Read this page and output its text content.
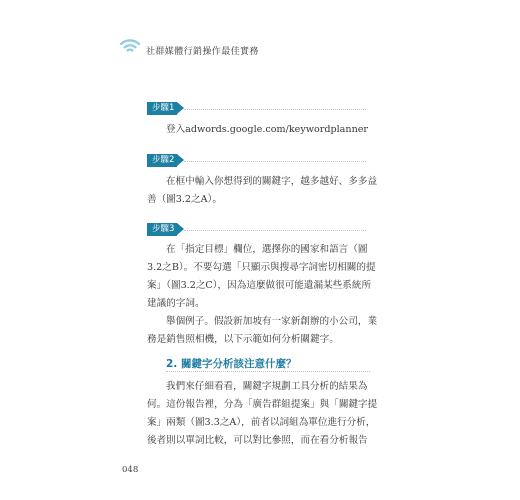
社群媒體行銷操作最佳實務
步驟1
登入adwords.google.com/keywordplanner
步驟2
在框中輸入你想得到的關鍵字，越多越好、多多益
善（圖3.2之A）。
步驟3
在「指定目標」欄位，選擇你的國家和語言（圖
3.2之B）。不要勾選「只顯示與搜尋字詞密切相關的提
案」（圖3.2之C），因為這麼做很可能遺漏某些系統所
建議的字詞。
舉個例子。假設新加坡有一家新創辦的小公司，業
務是銷售照相機，以下示範如何分析關鍵字。
2. 關鍵字分析該注意什麼？
我們來仔細看看，關鍵字規劃工具分析的結果為
何。這份報告裡，分為「廣告群組提案」與「關鍵字提
案」兩類（圖3.3之A），前者以詞組為單位進行分析，
後者則以單詞比較，可以對比參照，而在看分析報告
048
